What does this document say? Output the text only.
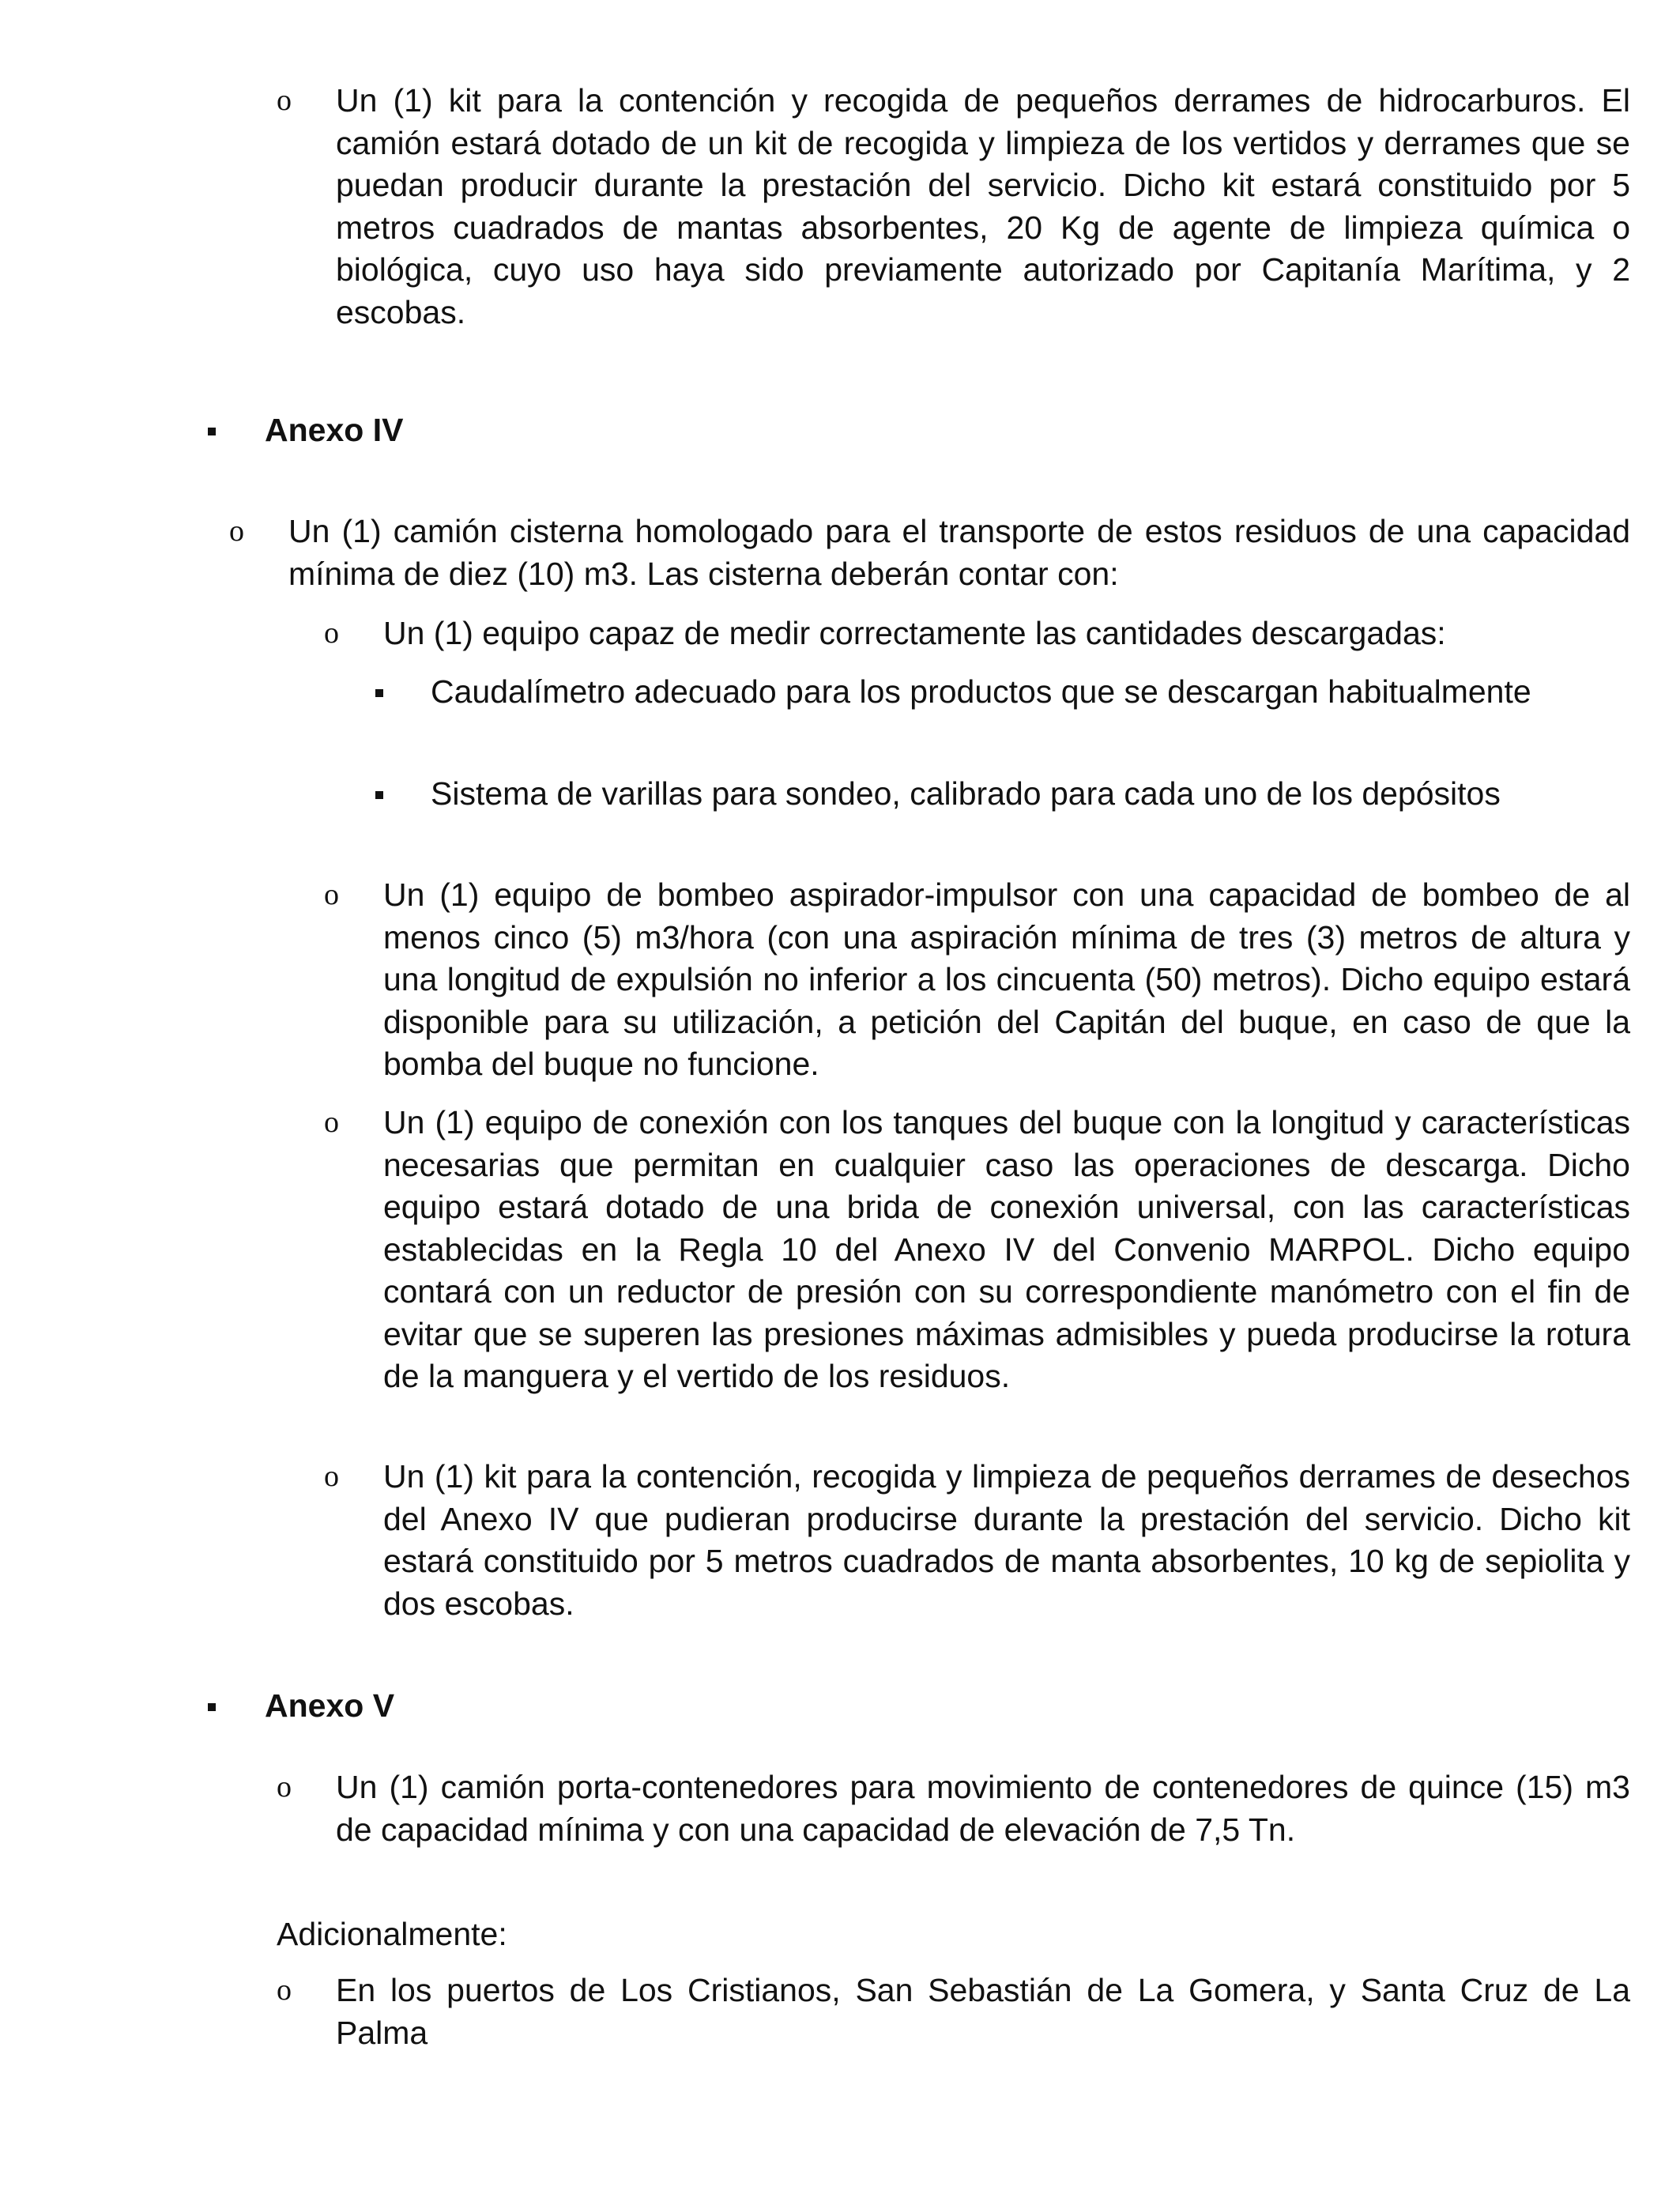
o Un (1) kit para la contención y recogida de pequeños derrames de hidrocarburos. El camión estará dotado de un kit de recogida y limpieza de los vertidos y derrames que se puedan producir durante la prestación del servicio. Dicho kit estará constituido por 5 metros cuadrados de mantas absorbentes, 20 Kg de agente de limpieza química o biológica, cuyo uso haya sido previamente autorizado por Capitanía Marítima, y 2 escobas.

Anexo IV

o Un (1) camión cisterna homologado para el transporte de estos residuos de una capacidad mínima de diez (10) m3. Las cisterna deberán contar con:

o Un (1) equipo capaz de medir correctamente las cantidades descargadas:

Caudalímetro adecuado para los productos que se descargan habitualmente

Sistema de varillas para sondeo, calibrado para cada uno de los depósitos

o Un (1) equipo de bombeo aspirador-impulsor con una capacidad de bombeo de al menos cinco (5) m3/hora (con una aspiración mínima de tres (3) metros de altura y una longitud de expulsión no inferior a los cincuenta (50) metros). Dicho equipo estará disponible para su utilización, a petición del Capitán del buque, en caso de que la bomba del buque no funcione.

o Un (1) equipo de conexión con los tanques del buque con la longitud y características necesarias que permitan en cualquier caso las operaciones de descarga. Dicho equipo estará dotado de una brida de conexión universal, con las características establecidas en la Regla 10 del Anexo IV del Convenio MARPOL. Dicho equipo contará con un reductor de presión con su correspondiente manómetro con el fin de evitar que se superen las presiones máximas admisibles y pueda producirse la rotura de la manguera y el vertido de los residuos.

o Un (1) kit para la contención, recogida y limpieza de pequeños derrames de desechos del Anexo IV que pudieran producirse durante la prestación del servicio. Dicho kit estará constituido por 5 metros cuadrados de manta absorbentes, 10 kg de sepiolita y dos escobas.

Anexo V

o Un (1) camión porta-contenedores para movimiento de contenedores de quince (15) m3 de capacidad mínima y con una capacidad de elevación de 7,5 Tn.

Adicionalmente:

o En los puertos de Los Cristianos, San Sebastián de La Gomera, y Santa Cruz de La Palma
